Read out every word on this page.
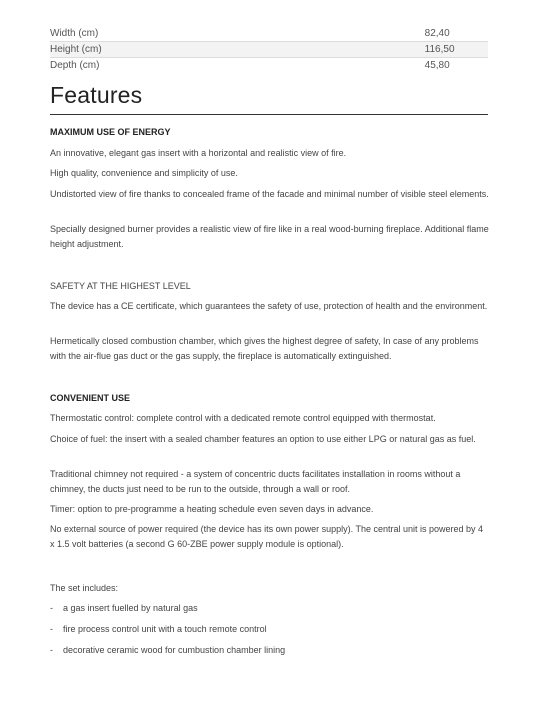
Width (cm)	82,40
Height (cm)	116,50
Depth (cm)	45,80
Features

MAXIMUM USE OF ENERGY

An innovative, elegant gas insert with a horizontal and realistic view of fire.

High quality, convenience and simplicity of use.

Undistorted view of fire thanks to concealed frame of the facade and minimal number of visible steel elements.

Specially designed burner provides a realistic view of fire like in a real wood-burning fireplace. Additional flame height adjustment.

SAFETY AT THE HIGHEST LEVEL

The device has a CE certificate, which guarantees the safety of use, protection of health and the environment.

Hermetically closed combustion chamber, which gives the highest degree of safety, In case of any problems with the air-flue gas duct or the gas supply, the fireplace is automatically extinguished.

CONVENIENT USE

Thermostatic control: complete control with a dedicated remote control equipped with thermostat.

Choice of fuel: the insert with a sealed chamber features an option to use either LPG or natural gas as fuel.

Traditional chimney not required - a system of concentric ducts facilitates installation in rooms without a chimney, the ducts just need to be run to the outside, through a wall or roof.

Timer: option to pre-programme a heating schedule even seven days in advance.

No external source of power required (the device has its own power supply). The central unit is powered by 4 x 1.5 volt batteries (a second G 60-ZBE power supply module is optional).

The set includes:

-	a gas insert fuelled by natural gas
-	fire process control unit with a touch remote control
-	decorative ceramic wood for cumbustion chamber lining
